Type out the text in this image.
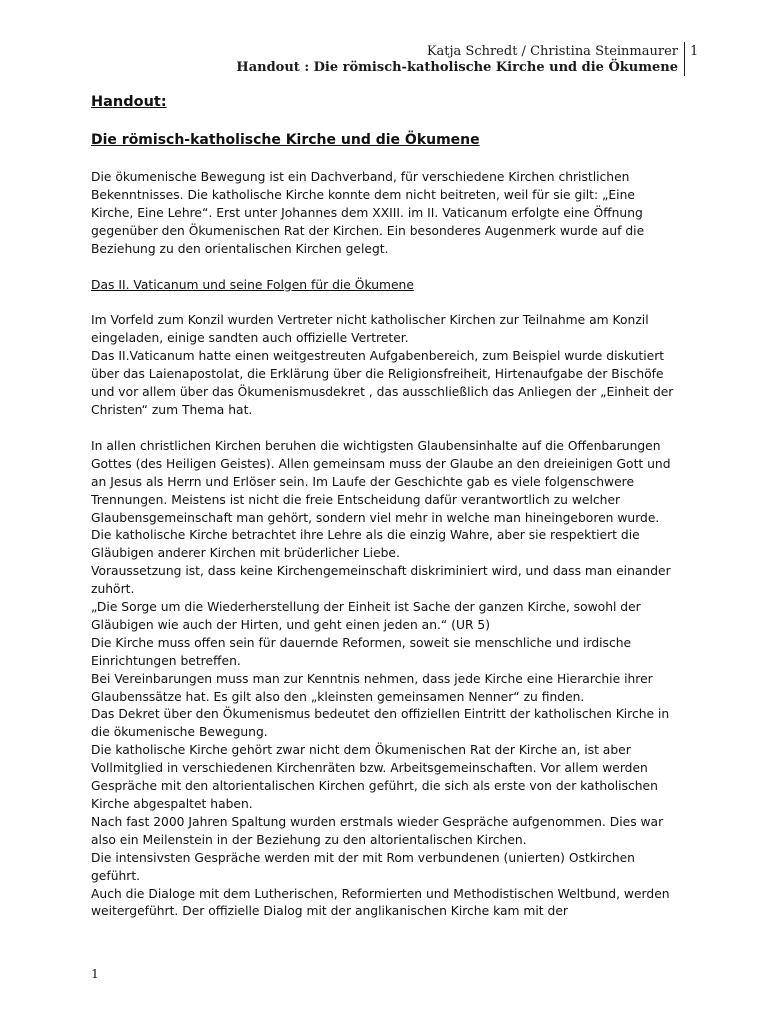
Katja Schredt / Christina Steinmaurer
Handout : Die römisch-katholische Kirche und die Ökumene
1
Handout:
Die römisch-katholische Kirche und die Ökumene

Die ökumenische Bewegung ist ein Dachverband, für verschiedene Kirchen christlichen Bekenntnisses. Die katholische Kirche konnte dem nicht beitreten, weil für sie gilt: „Eine Kirche, Eine Lehre“. Erst unter Johannes dem XXIII. im II. Vaticanum erfolgte eine Öffnung gegenüber den Ökumenischen Rat der Kirchen. Ein besonderes Augenmerk wurde auf die Beziehung zu den orientalischen Kirchen gelegt.

Das II. Vaticanum und seine Folgen für die Ökumene

Im Vorfeld zum Konzil wurden Vertreter nicht katholischer Kirchen zur Teilnahme am Konzil eingeladen, einige sandten auch offizielle Vertreter.

Das II.Vaticanum hatte einen weitgestreuten Aufgabenbereich, zum Beispiel wurde diskutiert über das Laienapostolat, die Erklärung über die Religionsfreiheit, Hirtenaufgabe der Bischöfe und vor allem über das Ökumenismusdekret , das ausschließlich das Anliegen der „Einheit der Christen“ zum Thema hat.

In allen christlichen Kirchen beruhen die wichtigsten Glaubensinhalte auf die Offenbarungen Gottes (des Heiligen Geistes). Allen gemeinsam muss der Glaube an den dreieinigen Gott und an Jesus als Herrn und Erlöser sein. Im Laufe der Geschichte gab es viele folgenschwere Trennungen. Meistens ist nicht die freie Entscheidung dafür verantwortlich zu welcher Glaubensgemeinschaft man gehört, sondern viel mehr in welche man hineingeboren wurde.

Die katholische Kirche betrachtet ihre Lehre als die einzig Wahre, aber sie respektiert die Gläubigen anderer Kirchen mit brüderlicher Liebe.

Voraussetzung ist, dass keine Kirchengemeinschaft diskriminiert wird, und dass man einander zuhört.

„Die Sorge um die Wiederherstellung der Einheit ist Sache der ganzen Kirche, sowohl der Gläubigen wie auch der Hirten, und geht einen jeden an.“ (UR 5)

Die Kirche muss offen sein für dauernde Reformen, soweit sie menschliche und irdische Einrichtungen betreffen.

Bei Vereinbarungen muss man zur Kenntnis nehmen, dass jede Kirche eine Hierarchie ihrer Glaubenssätze hat. Es gilt also den „kleinsten gemeinsamen Nenner“ zu finden.

Das Dekret über den Ökumenismus bedeutet den offiziellen Eintritt der katholischen Kirche in die ökumenische Bewegung.

Die katholische Kirche gehört zwar nicht dem Ökumenischen Rat der Kirche an, ist aber Vollmitglied in verschiedenen Kirchenräten bzw. Arbeitsgemeinschaften. Vor allem werden Gespräche mit den altorientalischen Kirchen geführt, die sich als erste von der katholischen Kirche abgespaltet haben.

Nach fast 2000 Jahren Spaltung wurden erstmals wieder Gespräche aufgenommen. Dies war also ein Meilenstein in der Beziehung zu den altorientalischen Kirchen.

Die intensivsten Gespräche werden mit der mit Rom verbundenen (unierten) Ostkirchen geführt.

Auch die Dialoge mit dem Lutherischen, Reformierten und Methodistischen Weltbund, werden weitergeführt. Der offizielle Dialog mit der anglikanischen Kirche kam mit der

1
